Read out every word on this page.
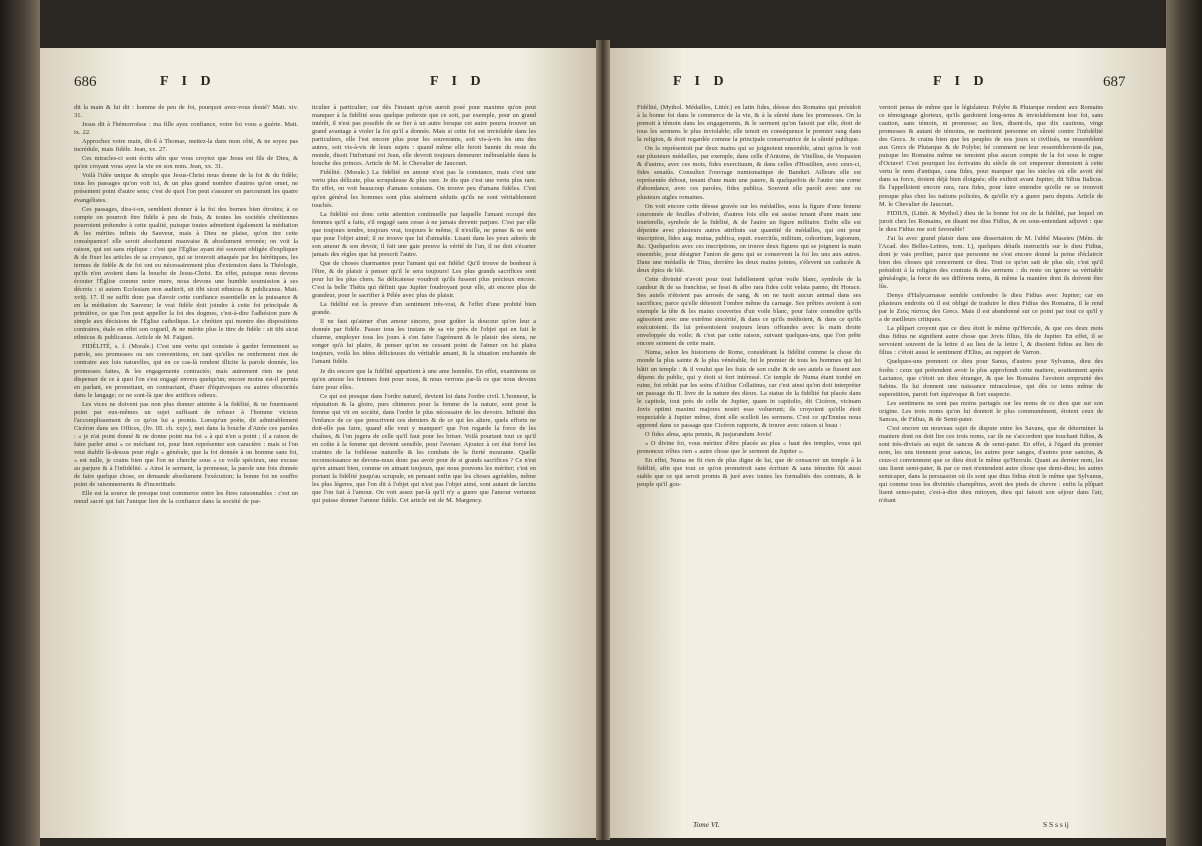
686	F I D	F I D

dit la main & lui dit : homme de peu de foi, pourquoi avez-vous douté? Matt. xiv. 31.

Jesus dit à l'hémorroïsse : ma fille ayez confiance, votre foi vous a guérie. Matt. ix. 22.

Approchez votre main, dit-il à Thomas, mettez-la dans mon côté, & ne soyez pas incrédule, mais fidèle. Jean, xx. 27.

Ces miracles-ci sont écrits afin que vous croyiez que Jesus est fils de Dieu, & qu'en croyant vous ayez la vie en son nom. Jean, xx. 31.

Voilà l'idée unique & simple que Jesus-Christ nous donne de la foi & du fidèle; tous les passages qu'on voit ici, & un plus grand nombre d'autres qu'on omet, ne présentent point d'autre sens; c'est de quoi l'on peut s'assurer en parcourant les quatre évangélistes.

Ces passages, dira-t-on, semblent donner à la foi des bornes bien étroites; à ce compte on pourroit être fidèle à peu de frais, & toutes les sociétés chrétiennes pourroient prétendre à cette qualité, puisque toutes admettent également la médiation & les mérites infinis du Sauveur, mais à Dieu ne plaise, qu'on tire cette conséquence! elle seroit absolument mauvaise & absolument erronée; on voit la raison, qui est sans réplique : c'est que l'Église ayant été souvent obligée d'expliquer & de fixer les articles de sa croyance, qui se trouvoit attaquée par les hérétiques, les termes de fidèle & de foi ont eu nécessairement plus d'extension dans la Théologie, qu'ils n'en avoient dans la bouche de Jesus-Christ. En effet, puisque nous devons écouter l'Église comme notre mere, nous devons une humble soumission à ses décrets : si autem Ecclesiam non audierit, sit tibi sicut ethnicus & publicanus. Matt. xviij. 17. Il ne suffit donc pas d'avoir cette confiance essentielle en la puissance & en la médiation du Sauveur; le vrai fidèle doit joindre à cette foi principale & primitive, ce que l'on peut appeller la foi des dogmes, c'est-à-dire l'adhésion pure & simple aux décisions de l'Église catholique. Le chrétien qui montre des dispositions contraires, étale en effet son orgueil, & ne mérite plus le titre de fidèle : sit tibi sicut ethnicus & publicanus. Article de M. Faiguet.

FIDÉLITÉ, s. f. (Morale.) C'est une vertu qui consiste à garder fermement sa parole, ses promesses ou ses conventions, en tant qu'elles ne renferment rien de contraire aux lois naturelles, qui en ce cas-là rendent illicite la parole donnée, les promesses faites, & les engagements contractés; mais autrement rien ne peut dispenser de ce à quoi l'on s'est engagé envers quelqu'un; encore moins est-il permis en parlant, en promettant, en contractant, d'user d'équivoques ou autres obscurités dans le langage; ce ne sont-là que des artifices odieux.

Les vices ne doivent pas non plus donner atteinte à la fidélité, & ne fournissent point par eux-mêmes un sujet suffisant de refuser à l'homme vicieux l'accomplissement de ce qu'on lui a promis. Lorsqu'un poète, dit admirablement Cicéron dans ses Offices, (liv. III. ch. xxjv.), met dans la bouche d'Atrée ces paroles : « je n'ai point donné & ne donne point ma foi « à qui n'en a point ; il a raison de faire parler ainsi « ce méchant roi, pour bien représenter son caractère : mais si l'on veut établir là-dessus pour règle « générale, que la foi donnée à un homme sans foi, « est nulle, je crains bien que l'on ne cherche sous « ce voile spécieux, une excuse au parjure & à l'infidélité. » Ainsi le serment, la promesse, la parole une fois donnée de faire quelque chose, en demande absolument l'exécution; la bonne foi ne souffre point de raisonnements & d'incertitude.

Elle est la source de presque tout commerce entre les êtres raisonnables : c'est un nœud sacré qui fait l'unique lien de la confiance dans la société de par-

ticulier à particulier; car dès l'instant qu'on auroit posé pour maxime qu'on peut manquer à la fidélité sous quelque prétexte que ce soit, par exemple, pour un grand intérêt, il n'est pas possible de se fier à un autre lorsque cet autre pourra trouver un grand avantage à violer la foi qu'il a donnée. Mais si cette foi est inviolable dans les particuliers, elle l'est encore plus pour les souverains, soit vis-à-vis les uns des autres, soit vis-à-vis de leurs sujets : quand même elle feroit bannie du reste du monde, disoit l'infortuné roi Jean, elle devroit toujours demeurer inébranlable dans la bouche des princes. Article de M. le Chevalier de Jaucourt.

Fidélité. (Morale.) La fidélité en amour n'est pas la constance, mais c'est une vertu plus délicate, plus scrupuleuse & plus rare. Je dis que c'est une vertu plus rare. En effet, on voit beaucoup d'amans constans. On trouve peu d'amans fidèles. C'est qu'en général les hommes sont plus aisément séduits qu'ils ne sont véritablement touchés.

La fidélité est donc cette attention continuelle par laquelle l'amant occupé des femmes qu'il a faits, s'il engagé sans cesse à ne jamais devenir parjure. C'est par elle que toujours tendre, toujours vrai, toujours le même, il n'exille, ne pense & ne sent que pour l'objet aimé; il ne trouve que lui d'aimable. Lisant dans les yeux adorés de son amour & son devoir, il fait une gaie preuve la vérité de l'un, il ne doit s'écarter jamais des règles que lui prescrit l'autre.

Que de choses charmantes pour l'amant qui est fidèle! Qu'il trouve de bonheur à l'être, & de plaisir à penser qu'il le sera toujours! Les plus grands sacrifices sont pour lui les plus chers. Sa délicatesse voudroit qu'ils fussent plus précieux encore. C'est la belle Thétis qui définit que Jupiter foudroyant pour elle, ait encore plus de grandeur, pour le sacrifier à Pélée avec plus de plaisir.

La fidélité est la preuve d'un sentiment très-vrai, & l'effet d'une probité bien grande.

Il ne faut qu'aimer d'un amour sincere, pour goûter la douceur qu'on leur a donnée par fidèle. Passer tous les instans de sa vie près de l'objet qui en fait le charme, employer tous les jours à s'en faire l'agrément & le plaisir des siens, ne songer qu'à lui plaire, & penser qu'on ne cessant point de l'aimer on lui plaira toujours, voilà les idées délicieuses du véritable amant, & la situation enchantée de l'amant fidèle.

Je dis encore que la fidélité appartient à une ame honnête. En effet, examinons ce qu'en amour les femmes font pour nous, & nous verrons par-là ce que nous devons faire pour elles.

Ce qui est presque dans l'ordre naturel, devient loi dans l'ordre civil. L'honneur, la réputation & la gloire, purs chimeres pour la femme de la nature, sont pour la femme qui vit en société, dans l'ordre le plus nécessaire de les devoirs. Infinité des l'enfance de ce que prescrivent ces derniers & de ce qui les altere, quels efforts ne doit-elle pas faire, quand elle veut y manquer! que l'on regarde la force de les chaînes, & l'on jugera de celle qu'il faut pour les briser. Voilà pourtant tout ce qu'il en coûte à la femme qui devient sensible, pour l'avouer. Ajoutez à cet état forcé les craintes de la foiblesse naturelle & les combats de la fierté mourante. Quelle reconnoissance ne devons-nous donc pas avoir pour de si grands sacrifices ? Ce n'est qu'en aimant bien, comme on aimant toujours, que nous pouvons les mériter; c'est en portant la fidélité jusqu'au scrupule, en pensant enfin que les choses agréables, même les plus légeres, que l'on dit à l'objet qui n'est pas l'objet aimé, sont autant de larcins que l'on fait à l'amour. On voit assez par-là qu'il n'y a guere que l'amour vertueux qui puisse donner l'amour fidèle. Cet article est de M. Margency.

F I D	F I D	687

Fidélité, (Mythol. Médailles, Littér.) en latin fides, déesse des Romains qui présidoit à la bonne foi dans le commerce de la vie, & à la sûreté dans les promesses. On la prenoit à témoin dans les engagements, & le serment qu'on faisoit par elle, étoit de tous les sermens le plus inviolable; elle tenoit en conséquence le premier rang dans la religion, & étoit regardée comme la principale conservatrice de la sûreté publique.

On la représentoit par deux mains qui se joignoient ensemble, ainsi qu'on le voit sur plusieurs médailles, par exemple, dans celle d'Antoine, de Vitellius, de Vespasien & d'autres, avec ces mots, fides exercituum, & dans celles d'Hostilien, avec ceux-ci, fides senatûs. Consultez l'ouvrage numismatique de Banduri. Ailleurs elle est représentée debout, tenant d'une main une patere, & quelquefois de l'autre une corne d'abondance, avec ces paroles, fides publica. Souvent elle paroît avec une ou plusieurs aigles romaines.

On voit encore cette déesse gravée sur les médailles, sous la figure d'une femme couronnée de feuilles d'olivier, d'autres fois elle est assise tenant d'une main une tourterelle, symbole de la fidélité, & de l'autre un figure militaire. Enfin elle est dépeinte avec plusieurs autres attributs sur quantité de médailles, qui ont pour inscription, fides aug. mutua, publica, equit. exercitûs, militum, cohortium, legionum, &c. Quelquefois avec ces inscriptions, on trouve deux figures qui se joignent la main ensemble, pour désigner l'union de gens qui se conservent la foi les uns aux autres. Dans une médaille de Titus, derrière les deux mains jointes, s'élevent un caducée & deux épics de blé.

Cette divinité n'avoit pour tout habillement qu'un voile blanc, symbole de la candeur & de sa franchise, se fessi & albo rara fides colit velata panno, dit Horace. Ses autels n'étoient pas arrosés de sang, & on ne tuoit aucun animal dans ses sacrifices; parce qu'elle détestoit l'ombre même du carnage. Ses prêtres avoient à son exemple la tête & les mains couvertes d'un voile blanc, pour faire connoître qu'ils agissoient avec une extrême sincérité, & dans ce qu'ils médioient, & dans ce qu'ils exécutoient. Ils lui présentoient toujours leurs offrandes avec la main droite enveloppée du voile; & c'est par cette raison, suivant quelques-uns, que l'on prête encore serment de cette main.

Numa, selon les historiens de Rome, considérant la fidélité comme la chose du monde la plus sainte & la plus vénérable, fut le premier de tous les hommes qui lui bâtit un temple : & il voulut que les frais de son culte & de ses autels se fissent aux dépens du public, qui y étoit si fort intéressé. Ce temple de Numa étant tombé en ruine, fut rebâti par les soins d'Atilius Collatinus, car c'est ainsi qu'on doit interpréter un passage du II. livre de la nature des dieux. La statue de la fidélité fut placée dans le capitole, tout près de celle de Jupiter, quam in capitolio, dit Cicéron, vicinam Jovis optimi maximi majores nostri esse voluerunt; ils croyoient qu'elle étoit respectable à Jupiter même, dont elle scelloit les sermens. C'est ce qu'Ennius nous apprend dans ce passage que Cicéron rapporte, & trouve avec raison si beau :

O fides alma, apta pennis, & jusjurandum Jovis!

« O divine foi, vous méritez d'être placée au plus « haut des temples, vous qui prononcez n'êtes rien « autre chose que le serment de Jupiter ».

En effet, Numa ne fit rien de plus digne de lui, que de consacrer un temple à la fidélité, afin que tout ce qu'on prometroit sans écriture & sans témoins fût aussi stable que ce qui seroit promis & juré avec toutes les formalités des contrats, & le peuple qu'il gou-

vernoit pensa de même que le législateur. Polybe & Plutarque rendent aux Romains ce témoignage glorieux, qu'ils gardoient long-tems & inviolablement leur foi, sans caution, sans témoin, ni promesse; au lieu, disent-ils, que dix cautions, vingt promesses & autant de témoins, ne mettoient personne en sûreté contre l'infidélité des Grecs. Je crains bien que les peuples de nos jours si civilisés, ne ressemblent aux Grecs de Plutarque & de Polybe; hé comment ne leur ressembleroient-ils pas, puisque les Romains même ne tenoient plus aucun compte de la foi sous le regne d'Octave! C'est pourquoi les écrivains du siècle de cet empereur donnoient à cette vertu le nom d'antique, cana fides, pour marquer que les siècles où elle avoit été dans sa force, étoient déjà bien éloignés; elle exiltoit avant Jupiter, dit Silius Italicus. Ils l'appelloient encore rara, rara fides, pour faire entendre qu'elle ne se trouvoit presque plus chez les nations policées, & qu'elle n'y a guere paru depuis. Article de M. le Chevalier de Jaucourt.

FIDIUS, (Littér. & Mythol.) dieu de la bonne foi ou de la fidélité, par lequel on juroit chez les Romains, en disant me dius Fidius, & en sous-entendant adjuvet : que le dieu Fidius me soit favorable!

J'ai lu avec grand plaisir dans une dissertation de M. l'abbé Massieu (Mém. de l'Acad. des Belles-Lettres, tom. I.), quelques détails instructifs sur le dieu Fidius, dont je vais profiter, parce que personne ne s'est encore donné la peine d'éclaircir bien des choses qui concernent ce dieu. Tout ce qu'on sait de plus sûr, c'est qu'il présidoit à la religion des contrats & des sermens : du reste on ignore sa véritable généalogie, la force de ses différens noms, & même la manière dont ils doivent être lûs.

Denys d'Halycarnasse semble confondre le dieu Fidius avec Jupiter; car en plusieurs endroits où il est obligé de traduire le dieu Fidius des Romains, il le rend par le Zεὺς πίστιος des Grecs. Mais il est abandonné sur ce point par tout ce qu'il y a de meilleurs critiques.

La plûpart croyent que ce dieu étoit le même qu'Hercule, & que ces deux mots dius fidius ne signifient autre chose que Jovis filius, fils de Jupiter. En effet, il se servoient souvent de la lettre d au lieu de la lettre l, & disoient fidius au lieu de filius : c'étoit aussi le sentiment d'Elius, au rapport de Varron.

Quelques-uns prennent ce dieu pour Sanus, d'autres pour Sylvanus, dieu des forêts : ceux qui prétendent avoir le plus approfondi cette matiere, soutiennent après Lactance, que c'étoit un dieu étranger, & que les Romains l'avoient emprunté des Sabins. Ils lui donnent une naissance miraculeuse, qui dès ce tems même de superstition, paroit fort équivoque & fort suspecte.

Les sentimens ne sont pas moins partagés sur les noms de ce dieu que sur son origine. Les trois noms qu'on lui donnoit le plus communément, étoient ceux de Sancus, de Fidius, & de Semi-pater.

C'est encore un nouveau sujet de dispute entre les Savans, que de déterminer la maniere dont on doit lire ces trois noms, car ils ne s'accordent que touchant fidius, & sont très-divisés au sujet de sancus & de semi-pater. En effet, à l'égard du premier nom, les uns tiennent pour sancus, les autres pour sanges, d'autres pour sanctus, & ceux-ci conviennent que ce dieu étoit le même qu'Hercule. Quant au dernier nom, les uns lisent semi-pater, & par ce mot n'entendent autre chose que demi-dieu; les autres semicaper, dans la persuasion où ils sont que dius fidius étoit le même que Sylvanus, qui comme tous les divinités champêtres, avoit des pieds de chevre : enfin la plûpart lisent semo-pater, c'est-à-dire dieu mitoyen, dieu qui faisoit son séjour dans l'air, n'étant

Tome VI.	S S s s ij
